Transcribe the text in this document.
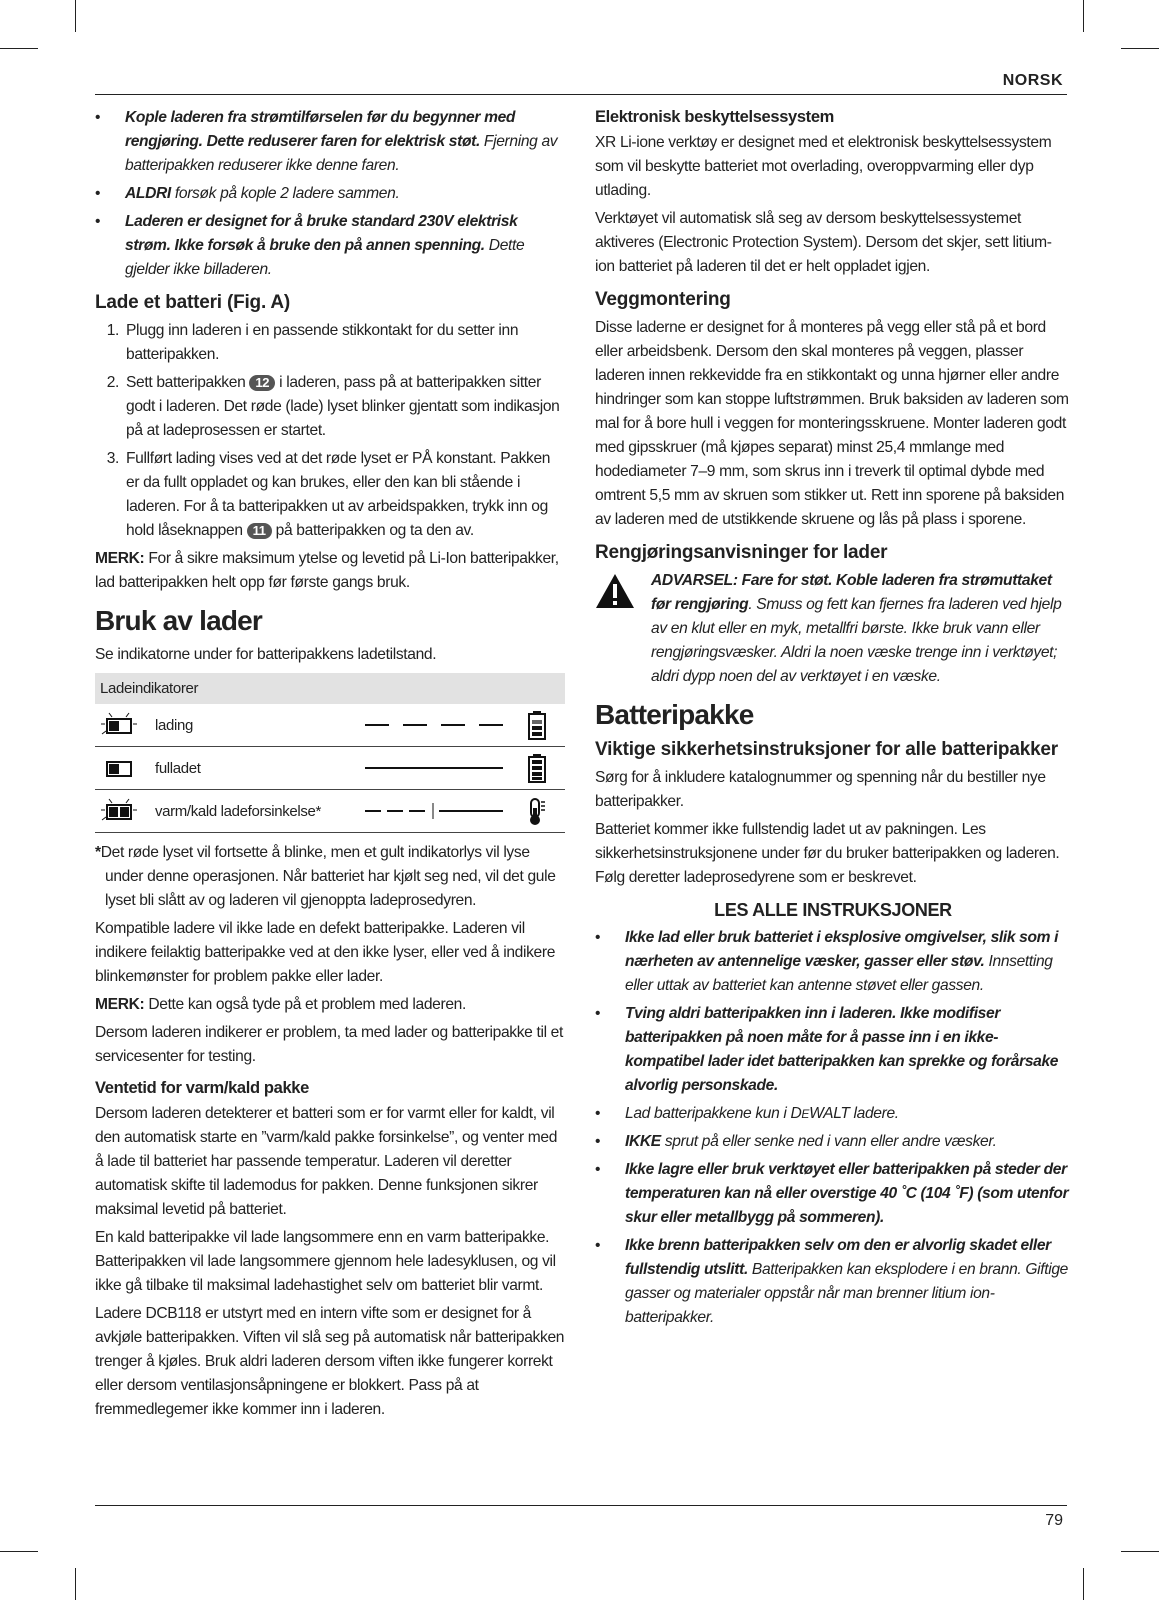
NORSK
• Kople laderen fra strømtilførselen før du begynner med rengjøring. Dette reduserer faren for elektrisk støt. Fjerning av batteripakken reduserer ikke denne faren.
• ALDRI forsøk på kople 2 ladere sammen.
• Laderen er designet for å bruke standard 230V elektrisk strøm. Ikke forsøk å bruke den på annen spenning. Dette gjelder ikke billaderen.
Lade et batteri (Fig. A)
1. Plugg inn laderen i en passende stikkontakt for du setter inn batteripakken.
2. Sett batteripakken 12 i laderen, pass på at batteripakken sitter godt i laderen. Det røde (lade) lyset blinker gjentatt som indikasjon på at ladeprosessen er startet.
3. Fullført lading vises ved at det røde lyset er PÅ konstant. Pakken er da fullt oppladet og kan brukes, eller den kan bli stående i laderen. For å ta batteripakken ut av arbeidspakken, trykk inn og hold låseknappen 11 på batteripakken og ta den av.

MERK: For å sikre maksimum ytelse og levetid på Li-Ion batteripakker, lad batteripakken helt opp før første gangs bruk.

Bruk av lader

Se indikatorne under for batteripakkens ladetilstand.

Ladeindikatorer
lading
fulladet
varm/kald ladeforsinkelse*

*Det røde lyset vil fortsette å blinke, men et gult indikatorlys vil lyse under denne operasjonen. Når batteriet har kjølt seg ned, vil det gule lyset bli slått av og laderen vil gjenoppta ladeprosedyren.

Kompatible ladere vil ikke lade en defekt batteripakke. Laderen vil indikere feilaktig batteripakke ved at den ikke lyser, eller ved å indikere blinkemønster for problem pakke eller lader.

MERK: Dette kan også tyde på et problem med laderen.

Dersom laderen indikerer er problem, ta med lader og batteripakke til et servicesenter for testing.

Ventetid for varm/kald pakke

Dersom laderen detekterer et batteri som er for varmt eller for kaldt, vil den automatisk starte en ”varm/kald pakke forsinkelse”, og venter med å lade til batteriet har passende temperatur. Laderen vil deretter automatisk skifte til lademodus for pakken. Denne funksjonen sikrer maksimal levetid på batteriet.

En kald batteripakke vil lade langsommere enn en varm batteripakke. Batteripakken vil lade langsommere gjennom hele ladesyklusen, og vil ikke gå tilbake til maksimal ladehastighet selv om batteriet blir varmt.

Ladere DCB118 er utstyrt med en intern vifte som er designet for å avkjøle batteripakken. Viften vil slå seg på automatisk når batteripakken trenger å kjøles. Bruk aldri laderen dersom viften ikke fungerer korrekt eller dersom ventilasjonsåpningene er blokkert. Pass på at fremmedlegemer ikke kommer inn i laderen.

Elektronisk beskyttelsessystem

XR Li-ione verktøy er designet med et elektronisk beskyttelsessystem som vil beskytte batteriet mot overlading, overoppvarming eller dyp utlading.

Verktøyet vil automatisk slå seg av dersom beskyttelsessystemet aktiveres (Electronic Protection System). Dersom det skjer, sett litium-ion batteriet på laderen til det er helt oppladet igjen.

Veggmontering

Disse laderne er designet for å monteres på vegg eller stå på et bord eller arbeidsbenk. Dersom den skal monteres på veggen, plasser laderen innen rekkevidde fra en stikkontakt og unna hjørner eller andre hindringer som kan stoppe luftstrømmen. Bruk baksiden av laderen som mal for å bore hull i veggen for monteringsskruene. Monter laderen godt med gipsskruer (må kjøpes separat) minst 25,4 mmlange med hodediameter 7–9 mm, som skrus inn i treverk til optimal dybde med omtrent 5,5 mm av skruen som stikker ut. Rett inn sporene på baksiden av laderen med de utstikkende skruene og lås på plass i sporene.

Rengjøringsanvisninger for lader
ADVARSEL: Fare for støt. Koble laderen fra strømuttaket før rengjøring. Smuss og fett kan fjernes fra laderen ved hjelp av en klut eller en myk, metallfri børste. Ikke bruk vann eller rengjøringsvæsker. Aldri la noen væske trenge inn i verktøyet; aldri dypp noen del av verktøyet i en væske.
Batteripakke
Viktige sikkerhetsinstruksjoner for alle batteripakker

Sørg for å inkludere katalognummer og spenning når du bestiller nye batteripakker.

Batteriet kommer ikke fullstendig ladet ut av pakningen. Les sikkerhetsinstruksjonene under før du bruker batteripakken og laderen. Følg deretter ladeprosedyrene som er beskrevet.

LES ALLE INSTRUKSJONER
• Ikke lad eller bruk batteriet i eksplosive omgivelser, slik som i nærheten av antennelige væsker, gasser eller støv. Innsetting eller uttak av batteriet kan antenne støvet eller gassen.
• Tving aldri batteripakken inn i laderen. Ikke modifiser batteripakken på noen måte for å passe inn i en ikke-kompatibel lader idet batteripakken kan sprekke og forårsake alvorlig personskade.
• Lad batteripakkene kun i DEWALT ladere.
• IKKE sprut på eller senke ned i vann eller andre væsker.
• Ikke lagre eller bruk verktøyet eller batteripakken på steder der temperaturen kan nå eller overstige 40 ˚C (104 ˚F) (som utenfor skur eller metallbygg på sommeren).
• Ikke brenn batteripakken selv om den er alvorlig skadet eller fullstendig utslitt. Batteripakken kan eksplodere i en brann. Giftige gasser og materialer oppstår når man brenner litium ion-batteripakker.
79
